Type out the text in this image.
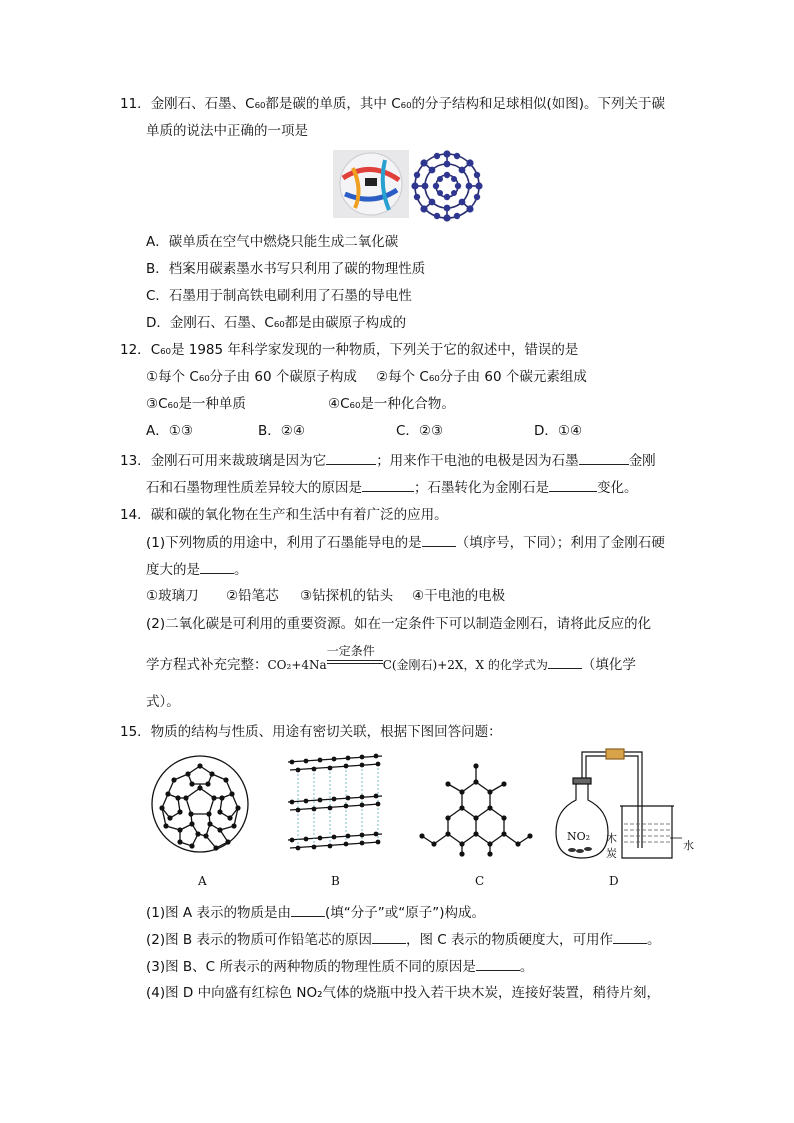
11．金刚石、石墨、C₆₀都是碳的单质，其中 C₆₀的分子结构和足球相似(如图)。下列关于碳
单质的说法中正确的一项是
A．碳单质在空气中燃烧只能生成二氧化碳
B．档案用碳素墨水书写只利用了碳的物理性质
C．石墨用于制高铁电刷利用了石墨的导电性
D．金刚石、石墨、C₆₀都是由碳原子构成的
12．C₆₀是 1985 年科学家发现的一种物质，下列关于它的叙述中，错误的是
①每个 C₆₀分子由 60 个碳原子构成 ②每个 C₆₀分子由 60 个碳元素组成
③C₆₀是一种单质	④C₆₀是一种化合物。
A．①③	B．②④	C．②③	D．①④
13．金刚石可用来裁玻璃是因为它	；用来作干电池的电极是因为石墨	金刚
石和石墨物理性质差异较大的原因是	；石墨转化为金刚石是	变化。
14．碳和碳的氧化物在生产和生活中有着广泛的应用。
(1)下列物质的用途中，利用了石墨能导电的是	（填序号，下同）；利用了金刚石硬
度大的是	。
①玻璃刀 ②铅笔芯 ③钻探机的钻头 ④干电池的电极
(2)二氧化碳是可利用的重要资源。如在一定条件下可以制造金刚石，请将此反应的化
学方程式补充完整：CO₂+4Na
一定条件
C(金刚石)+2X，X 的化学式为	（填化学
式）。
15．物质的结构与性质、用途有密切关联，根据下图回答问题：
A	B	C
NO₂ 木
炭
水
D
(1)图 A 表示的物质是由	(填“分子”或“原子”)构成。
(2)图 B 表示的物质可作铅笔芯的原因	，图 C 表示的物质硬度大，可用作	。
(3)图 B、C 所表示的两种物质的物理性质不同的原因是	。
(4)图 D 中向盛有红棕色 NO₂气体的烧瓶中投入若干块木炭，连接好装置，稍待片刻，
